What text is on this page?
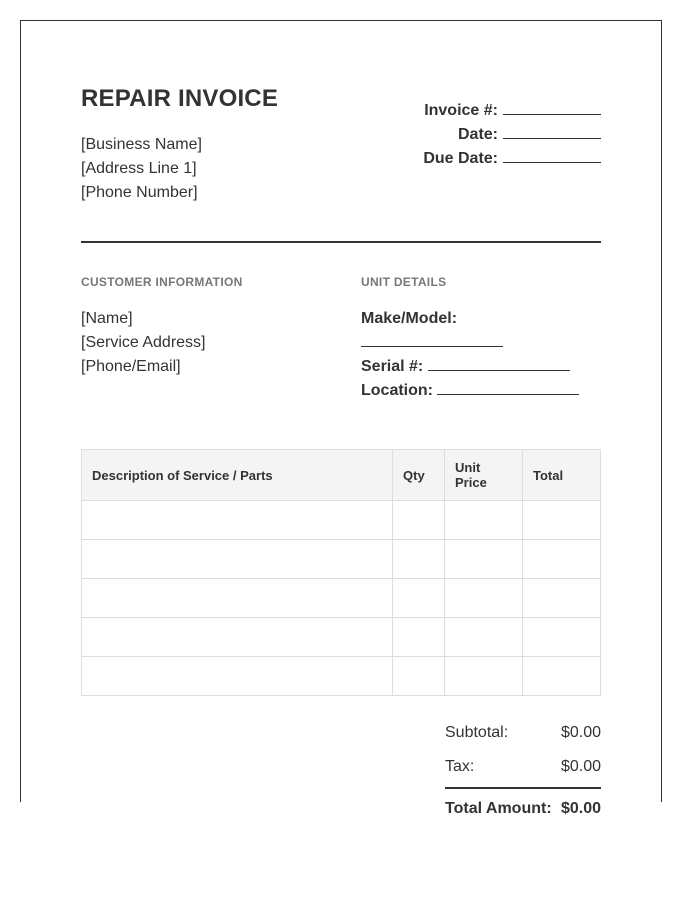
REPAIR INVOICE
[Business Name]
[Address Line 1]
[Phone Number]
Invoice #:
Date:
Due Date:
CUSTOMER INFORMATION	UNIT DETAILS
[Name]
[Service Address]
[Phone/Email]
Make/Model:
Serial #:
Location:
Description of Service / Parts	Qty	Unit Price	Total

Subtotal:	$0.00
Tax:	$0.00
Total Amount: $0.00
